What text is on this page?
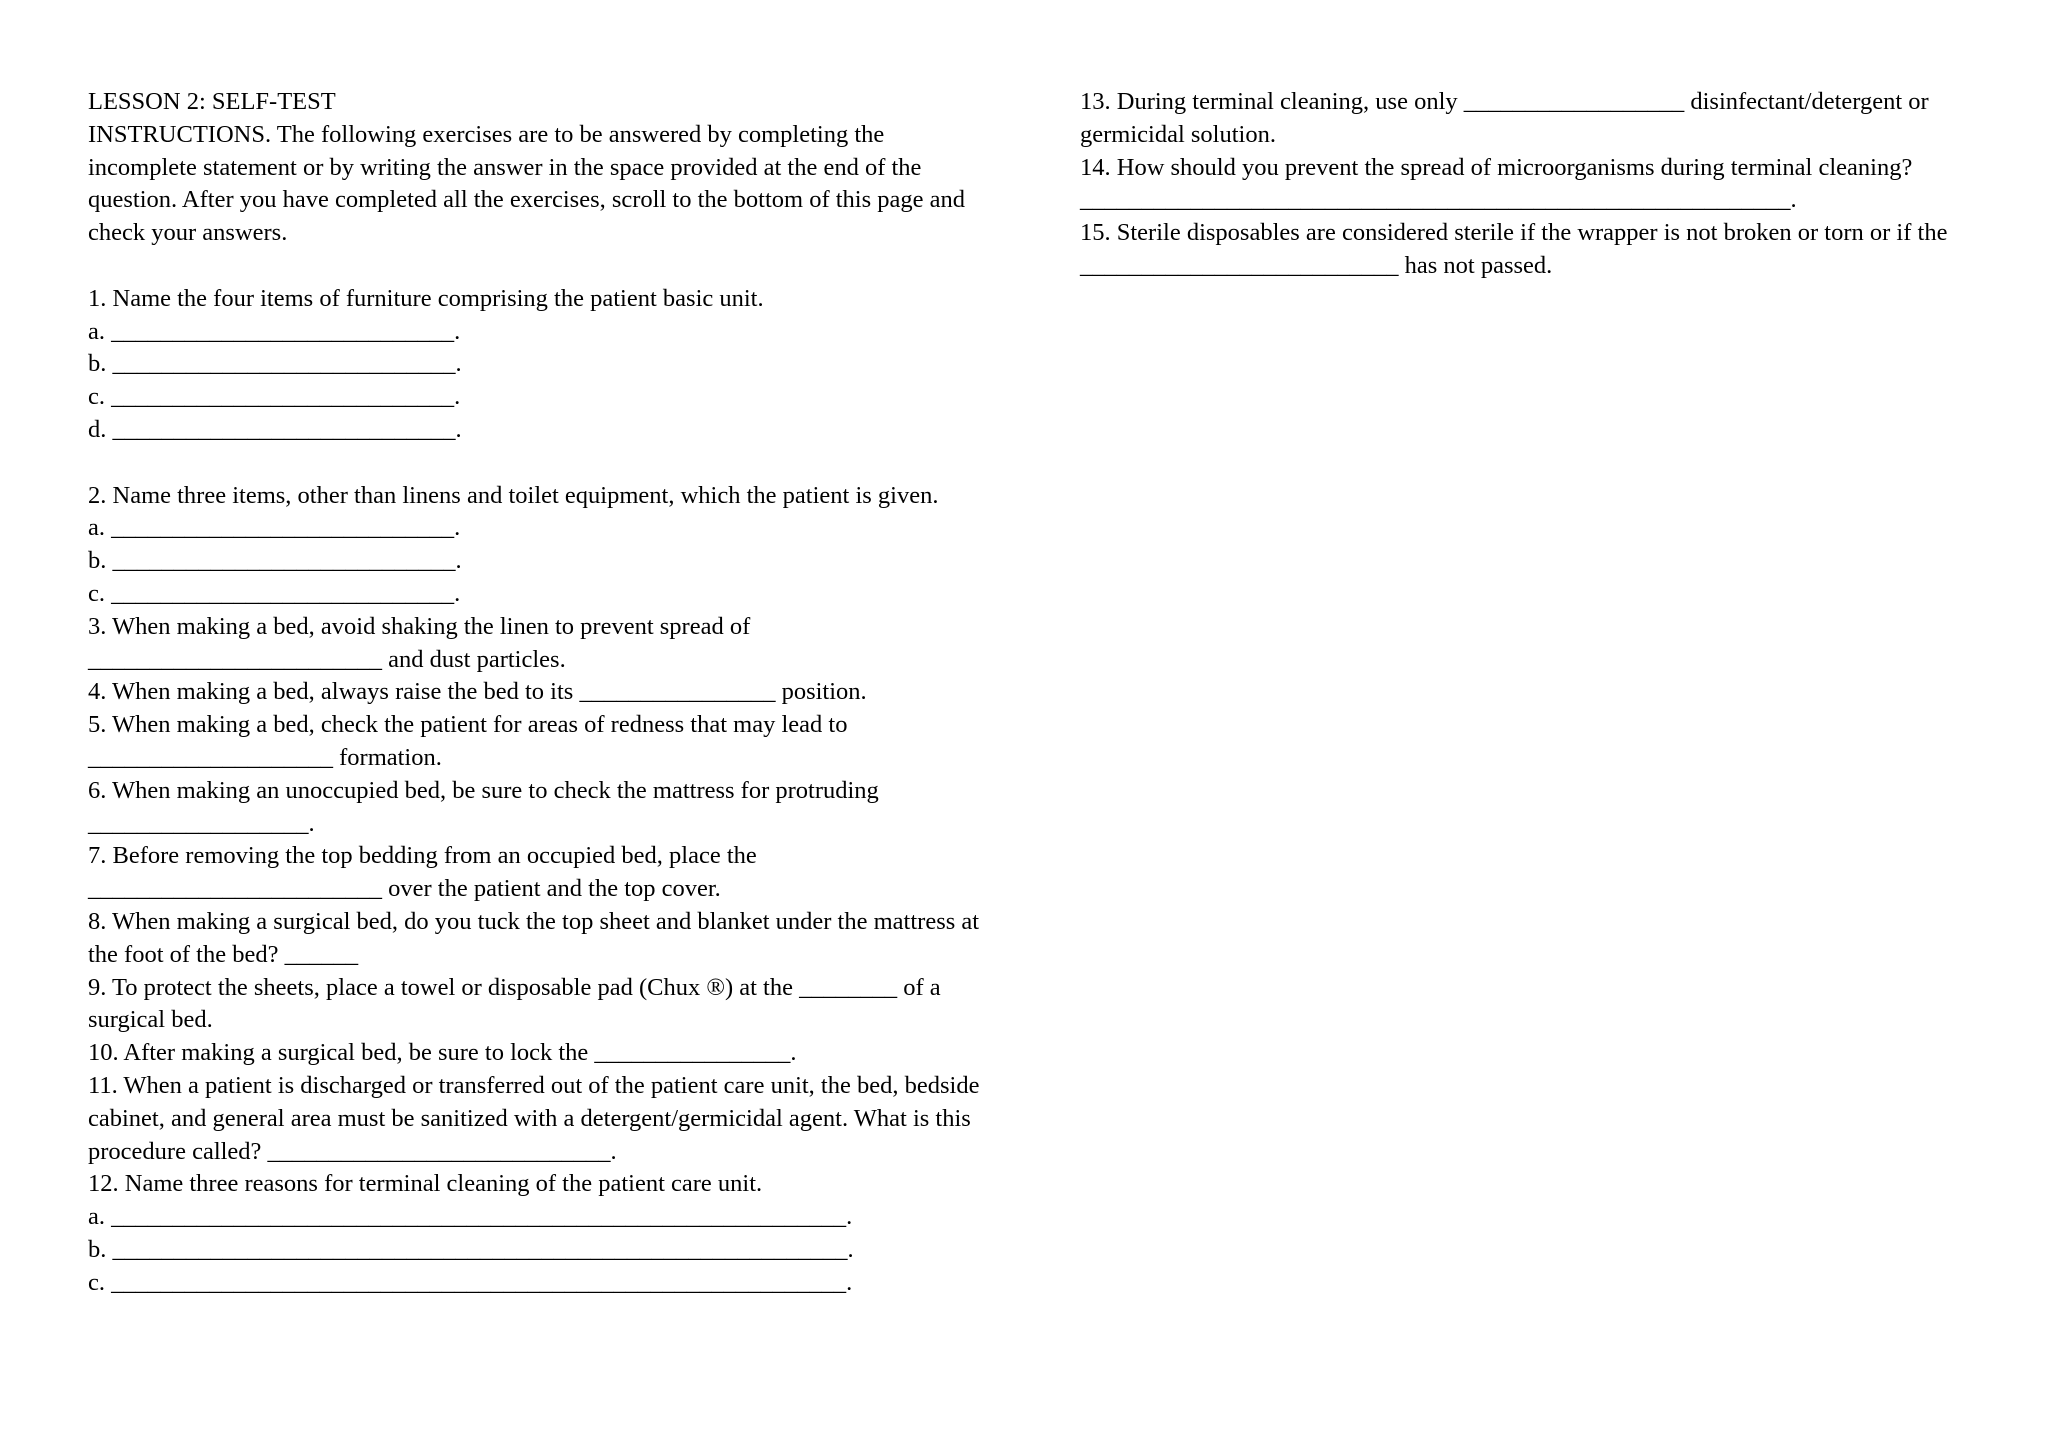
LESSON 2: SELF-TEST
INSTRUCTIONS. The following exercises are to be answered by completing the
incomplete statement or by writing the answer in the space provided at the end of the
question. After you have completed all the exercises, scroll to the bottom of this page and
check your answers.
1. Name the four items of furniture comprising the patient basic unit.
a. ____________________________.
b. ____________________________.
c. ____________________________.
d. ____________________________.
2. Name three items, other than linens and toilet equipment, which the patient is given.
a. ____________________________.
b. ____________________________.
c. ____________________________.
3. When making a bed, avoid shaking the linen to prevent spread of
________________________ and dust particles.
4. When making a bed, always raise the bed to its ________________ position.
5. When making a bed, check the patient for areas of redness that may lead to
____________________ formation.
6. When making an unoccupied bed, be sure to check the mattress for protruding
__________________.
7. Before removing the top bedding from an occupied bed, place the
________________________ over the patient and the top cover.
8. When making a surgical bed, do you tuck the top sheet and blanket under the mattress at
the foot of the bed? ______
9. To protect the sheets, place a towel or disposable pad (Chux ®) at the ________ of a
surgical bed.
10. After making a surgical bed, be sure to lock the ________________.
11. When a patient is discharged or transferred out of the patient care unit, the bed, bedside
cabinet, and general area must be sanitized with a detergent/germicidal agent. What is this
procedure called? ____________________________.
12. Name three reasons for terminal cleaning of the patient care unit.
a. ____________________________________________________________.
b. ____________________________________________________________.
c. ____________________________________________________________.
13. During terminal cleaning, use only __________________ disinfectant/detergent or
germicidal solution.
14. How should you prevent the spread of microorganisms during terminal cleaning?
__________________________________________________________.
15. Sterile disposables are considered sterile if the wrapper is not broken or torn or if the
__________________________ has not passed.
